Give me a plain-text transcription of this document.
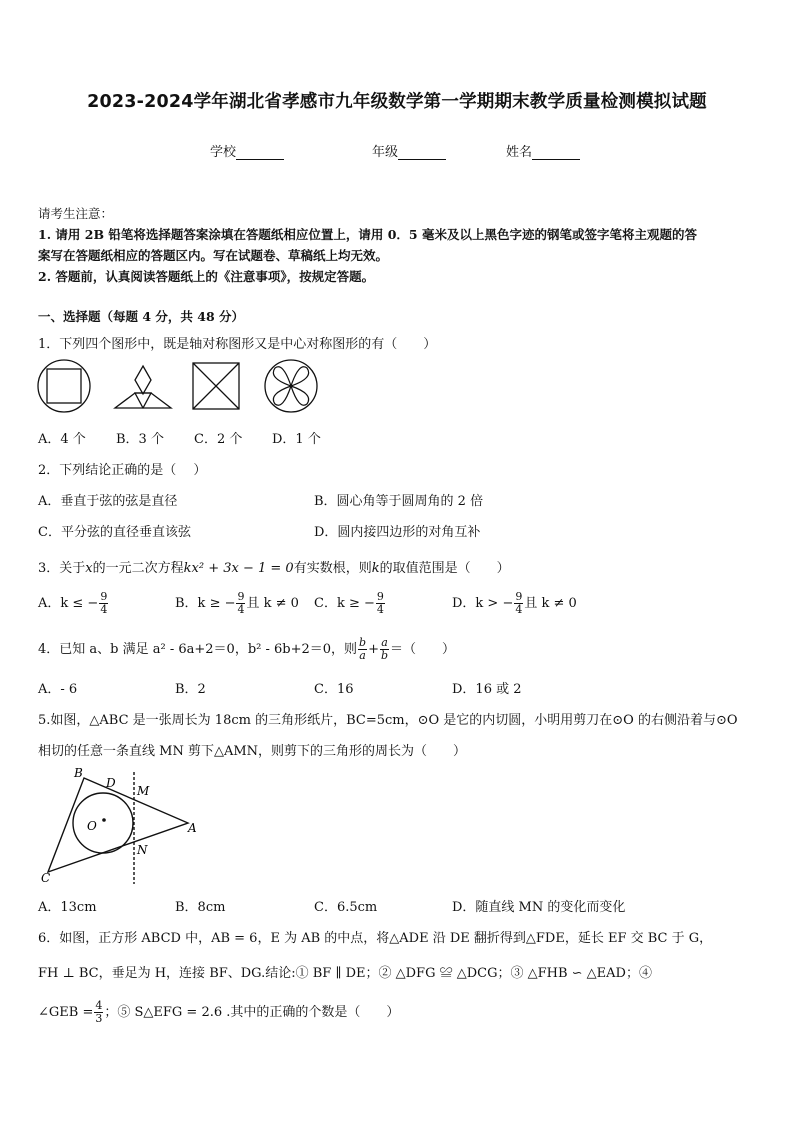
2023-2024学年湖北省孝感市九年级数学第一学期期末教学质量检测模拟试题
学校	年级	姓名
请考生注意：
1. 请用 2B 铅笔将选择题答案涂填在答题纸相应位置上，请用 0．5 毫米及以上黑色字迹的钢笔或签字笔将主观题的答
案写在答题纸相应的答题区内。写在试题卷、草稿纸上均无效。
2. 答题前，认真阅读答题纸上的《注意事项》，按规定答题。
一、选择题（每题 4 分，共 48 分）
1．下列四个图形中，既是轴对称图形又是中心对称图形的有（　　）
A．4 个 B．3 个 C．2 个 D．1 个
2．下列结论正确的是（　 ）
A．垂直于弦的弦是直径	B．圆心角等于圆周角的 2 倍
C．平分弦的直径垂直该弦	D．圆内接四边形的对角互补
3．关于x的一元二次方程kx² + 3x − 1 = 0有实数根，则k的取值范围是（　　）
A．k ≤ − $\frac{9}{4}$	B．k ≥ − $\frac{9}{4}$ 且 k ≠ 0 C．k ≥ − $\frac{9}{4}$	D．k > − $\frac{9}{4}$ 且 k ≠ 0
4．已知 a、b 满足 a² - 6a+2＝0，b² - 6b+2＝0，则 $\frac{b}{a} + \frac{a}{b}$ ＝（　　）
A．- 6	B．2	C．16	D．16 或 2
5.如图，△ABC 是一张周长为 18cm 的三角形纸片，BC=5cm，⊙O 是它的内切圆，小明用剪刀在⊙O 的右侧沿着与⊙O
相切的任意一条直线 MN 剪下△AMN，则剪下的三角形的周长为（　　）
B
D
M
O	A
N
C
A．13cm	B．8cm	C．6.5cm	D．随直线 MN 的变化而变化
6．如图，正方形 ABCD 中，AB = 6，E 为 AB 的中点，将△ADE 沿 DE 翻折得到△FDE，延长 EF 交 BC 于 G，
FH ⊥ BC，垂足为 H，连接 BF、DG.结论:① BF ∥ DE；② △DFG ≌ △DCG；③ △FHB ∽ △EAD；④
∠GEB = $\frac{4}{3}$ ；⑤ S△EFG = 2.6 .其中的正确的个数是（　　）
